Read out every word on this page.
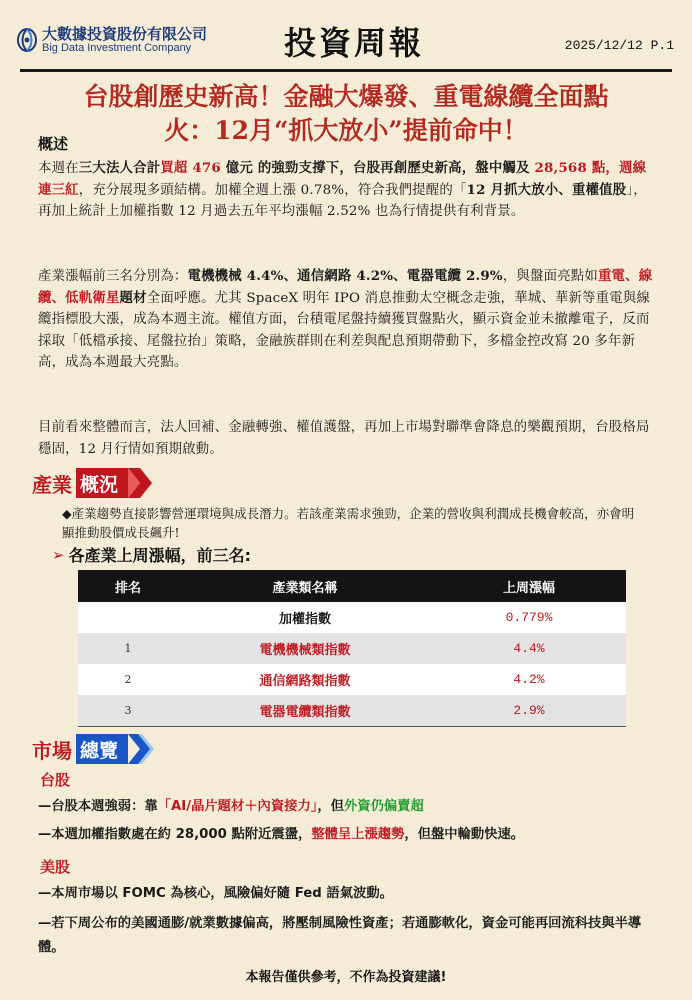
大數據投資股份有限公司
Big Data Investment Company	投資周報	2025/12/12 P.1
台股創歷史新高！金融大爆發、重電線纜全面點
火：12月“抓大放小”提前命中！
概述
本週在三大法人合計買超 476 億元 的強勁支撐下，台股再創歷史新高，盤中觸及 28,568 點，週線連三紅，充分展現多頭結構。加權全週上漲 0.78%，符合我們提醒的「12 月抓大放小、重權值股」，再加上統計上加權指數 12 月過去五年平均漲幅 2.52% 也為行情提供有利背景。
產業漲幅前三名分別為：電機機械 4.4%、通信網路 4.2%、電器電纜 2.9%，與盤面亮點如重電、線纜、低軌衛星題材全面呼應。尤其 SpaceX 明年 IPO 消息推動太空概念走強，華城、華新等重電與線纜指標股大漲，成為本週主流。權值方面，台積電尾盤持續獲買盤點火，顯示資金並未撤離電子，反而採取「低檔承接、尾盤拉抬」策略，金融族群則在利差與配息預期帶動下，多檔金控改寫 20 多年新高，成為本週最大亮點。
目前看來整體而言，法人回補、金融轉強、權值護盤，再加上市場對聯準會降息的樂觀預期，台股格局穩固，12 月行情如預期啟動。
產業 概況
◆產業趨勢直接影響營運環境與成長潛力。若該產業需求強勁，企業的營收與利潤成長機會較高，亦會明顯推動股價成長飆升!
➢ 各產業上周漲幅，前三名:
排名	產業類名稱	上周漲幅
	加權指數	0.779%
1	電機機械類指數	4.4%
2	通信網路類指數	4.2%
3	電器電纜類指數	2.9%
市場 總覽
台股
—台股本週強弱：靠「AI/晶片題材＋內資接力」，但外資仍偏賣超
—本週加權指數處在約 28,000 點附近震盪，整體呈上漲趨勢，但盤中輪動快速。
美股
—本周市場以 FOMC 為核心，風險偏好隨 Fed 語氣波動。
—若下周公布的美國通膨/就業數據偏高，將壓制風險性資產；若通膨軟化，資金可能再回流科技與半導體。
本報告僅供參考，不作為投資建議!
